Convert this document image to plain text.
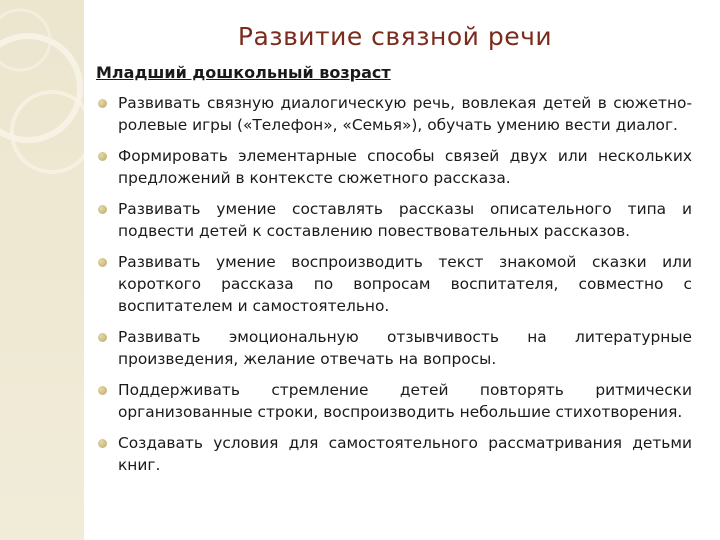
Развитие связной речи
Младший дошкольный возраст
Развивать связную диалогическую речь, вовлекая детей в сюжетно-ролевые игры («Телефон», «Семья»), обучать умению вести диалог.
Формировать элементарные способы связей двух или нескольких предложений в контексте сюжетного рассказа.
Развивать умение составлять рассказы описательного типа и подвести детей к составлению повествовательных рассказов.
Развивать умение воспроизводить текст знакомой сказки или короткого рассказа по вопросам воспитателя, совместно с воспитателем и самостоятельно.
Развивать эмоциональную отзывчивость на литературные произведения, желание отвечать на вопросы.
Поддерживать стремление детей повторять ритмически организованные строки, воспроизводить небольшие стихотворения.
Создавать условия для самостоятельного рассматривания детьми книг.
